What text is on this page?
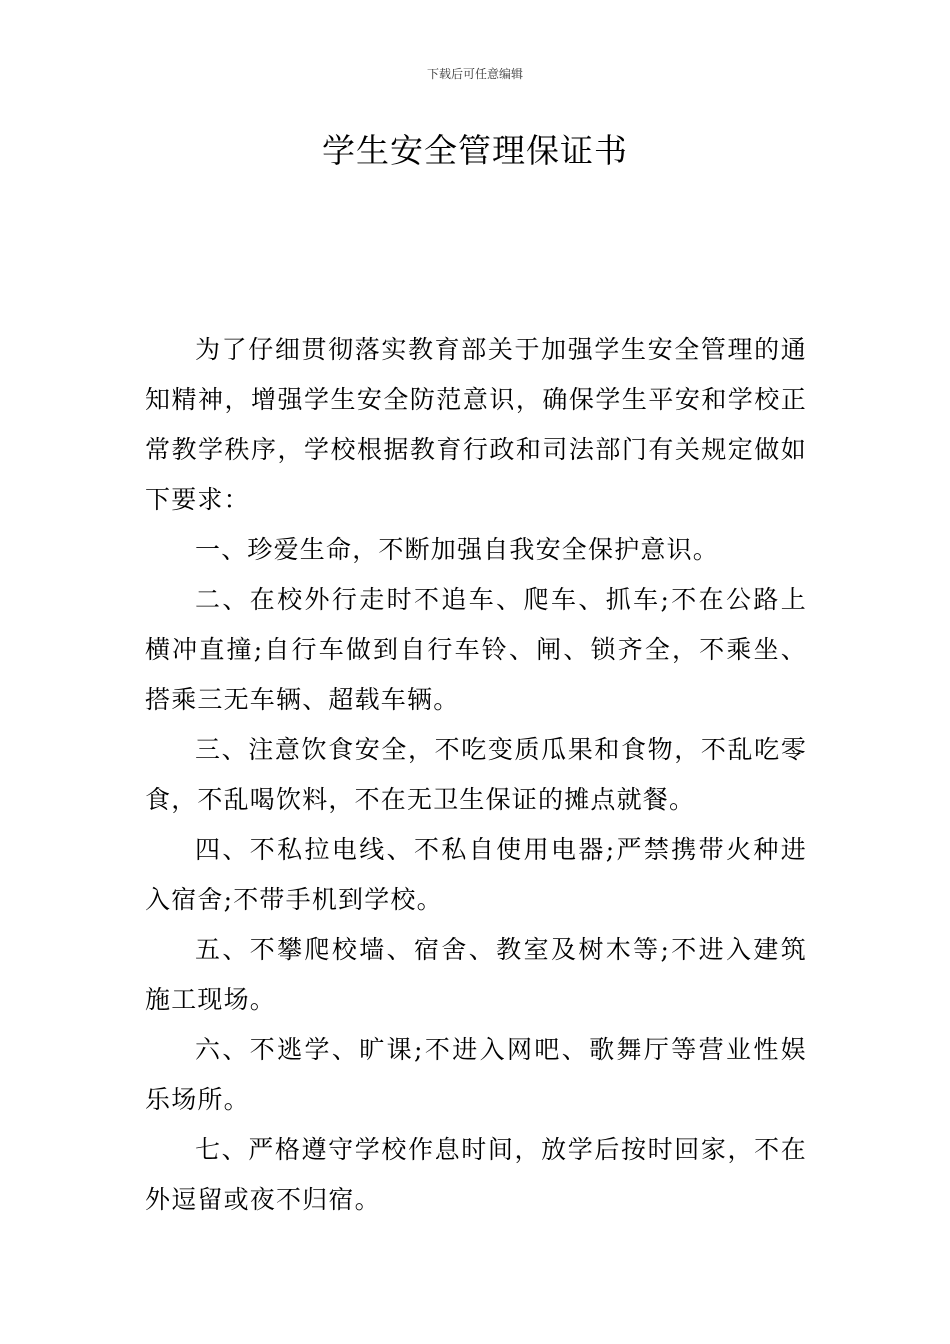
下载后可任意编辑
学生安全管理保证书

为了仔细贯彻落实教育部关于加强学生安全管理的通知精神，增强学生安全防范意识，确保学生平安和学校正常教学秩序，学校根据教育行政和司法部门有关规定做如下要求：

一、珍爱生命，不断加强自我安全保护意识。

二、在校外行走时不追车、爬车、抓车;不在公路上横冲直撞;自行车做到自行车铃、闸、锁齐全，不乘坐、搭乘三无车辆、超载车辆。

三、注意饮食安全，不吃变质瓜果和食物，不乱吃零食，不乱喝饮料，不在无卫生保证的摊点就餐。

四、不私拉电线、不私自使用电器;严禁携带火种进入宿舍;不带手机到学校。

五、不攀爬校墙、宿舍、教室及树木等;不进入建筑施工现场。

六、不逃学、旷课;不进入网吧、歌舞厅等营业性娱乐场所。

七、严格遵守学校作息时间，放学后按时回家，不在外逗留或夜不归宿。
